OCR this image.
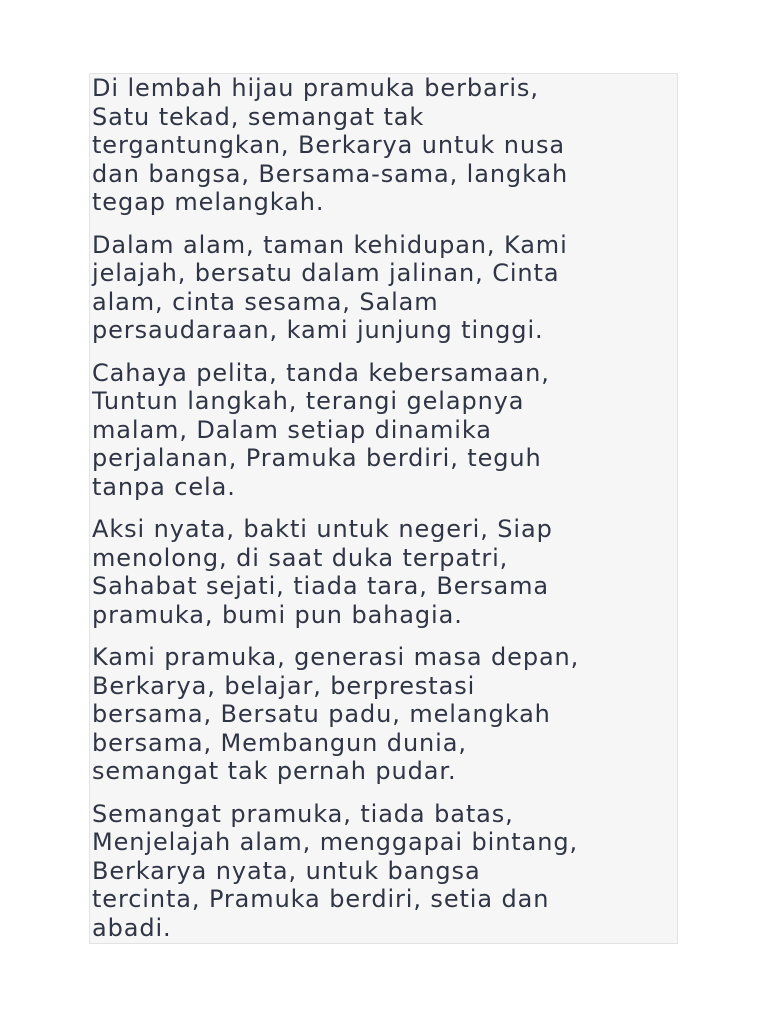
Di lembah hijau pramuka berbaris,
Satu tekad, semangat tak
tergantungkan, Berkarya untuk nusa
dan bangsa, Bersama-sama, langkah
tegap melangkah.

Dalam alam, taman kehidupan, Kami
jelajah, bersatu dalam jalinan, Cinta
alam, cinta sesama, Salam
persaudaraan, kami junjung tinggi.

Cahaya pelita, tanda kebersamaan,
Tuntun langkah, terangi gelapnya
malam, Dalam setiap dinamika
perjalanan, Pramuka berdiri, teguh
tanpa cela.

Aksi nyata, bakti untuk negeri, Siap
menolong, di saat duka terpatri,
Sahabat sejati, tiada tara, Bersama
pramuka, bumi pun bahagia.

Kami pramuka, generasi masa depan,
Berkarya, belajar, berprestasi
bersama, Bersatu padu, melangkah
bersama, Membangun dunia,
semangat tak pernah pudar.

Semangat pramuka, tiada batas,
Menjelajah alam, menggapai bintang,
Berkarya nyata, untuk bangsa
tercinta, Pramuka berdiri, setia dan
abadi.
